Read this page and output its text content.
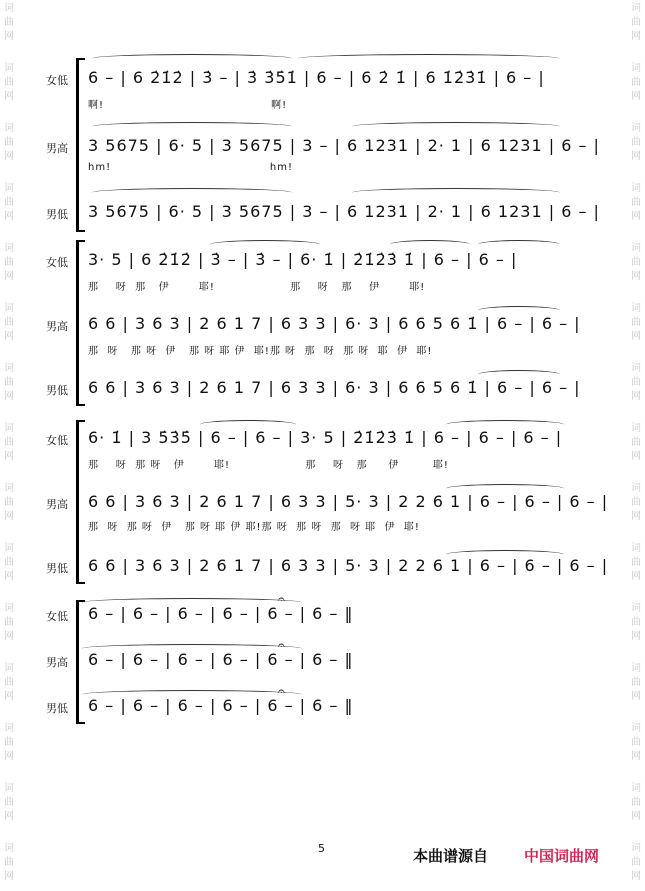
词
曲
网
词
曲
网
词
曲
网
词
曲
网
词
曲
网
词
曲
网
词
曲
网
词
曲
网
词
曲
网
词
曲
网
词
曲
网
词
曲
网
词
曲
网
词
曲
网
词
曲
网
词
曲
网
词
曲
网
词
曲
网
词
曲
网
词
曲
网
词
曲
网
词
曲
网
词
曲
网
词
曲
网
词
曲
网
词
曲
网
词
曲
网
词
曲
网
词
曲
网
词
曲
网
女低 6 – | 6 2̇1̇2̇ | 3̇ – | 3̇ 3̇5̇1̇ | 6 – | 6 2̇ 1̇ | 6 1̇2̇3̇1̇ | 6 – |
啊!                                        啊!
男高 3 5675 | 6· 5 | 3 5675 | 3 – | 6 1231 | 2· 1 | 6 1231 | 6 – |
hm!                                      hm!
男低 3 5675 | 6· 5 | 3 5675 | 3 – | 6 1231 | 2· 1 | 6 1231 | 6 – |
女低 3· 5 | 6 2̇1̇2̇ | 3̇ – | 3̇ – | 6· 1̇ | 2̇1̇2̇3̇ 1̇ | 6 – | 6 – |
那    呀  那   伊       耶!                  那    呀   那    伊       耶!
男高 6 6 | 3 6 3 | 2 6 1 7 | 6 3 3 | 6· 3 | 6 6 5 6 1̇ | 6 – | 6 – |
那  呀   那 呀  伊   那 呀 耶 伊  耶!那 呀  那  呀  那 呀  耶  伊  耶!
男低 6 6 | 3 6 3 | 2 6 1 7 | 6 3 3 | 6· 3 | 6 6 5 6 1̇ | 6 – | 6 – |
女低 6· 1̇ | 3 5̇3̇5̇ | 6 – | 6 – | 3· 5 | 2̇1̇2̇3̇ 1̇ | 6 – | 6 – | 6 – |
那    呀  那 呀   伊       耶!                  那    呀   那     伊        耶!
男高 6 6 | 3 6 3 | 2 6 1 7 | 6 3 3 | 5· 3 | 2 2 6 1 | 6 – | 6 – | 6 – |
那  呀  那 呀  伊   那 呀 耶 伊 耶!那 呀  那 呀  那  呀 耶  伊  耶!
男低 6 6 | 3 6 3 | 2 6 1 7 | 6 3 3 | 5· 3 | 2 2 6 1 | 6 – | 6 – | 6 – |
女低
𝄐
6 – | 6 – | 6 – | 6 – | 6 – | 6 – ‖
男高
𝄐
6 – | 6 – | 6 – | 6 – | 6 – | 6 – ‖
男低
𝄐
6 – | 6 – | 6 – | 6 – | 6 – | 6 – ‖
5	本曲谱源自 中国词曲网
